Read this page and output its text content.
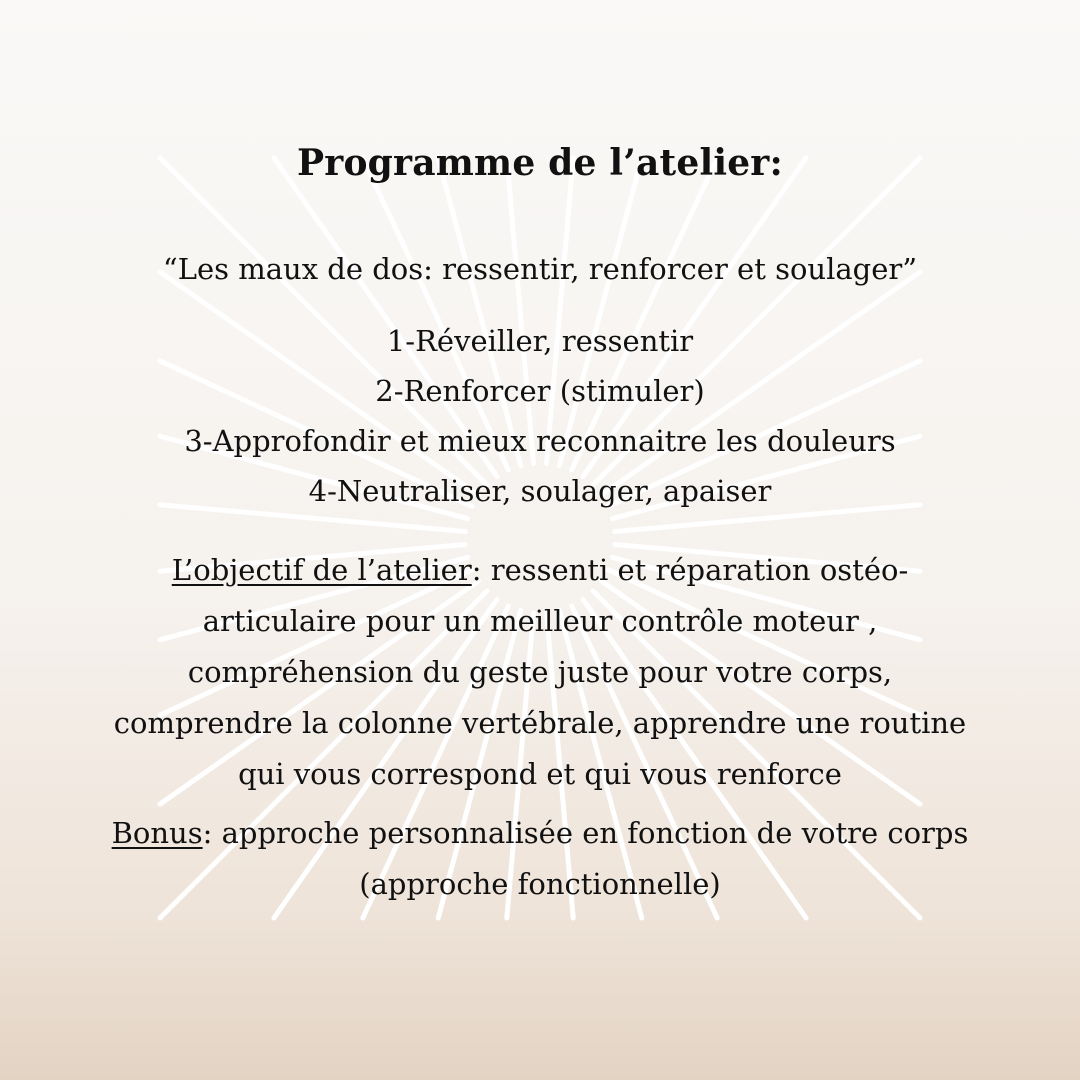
Programme de l’atelier:
“Les maux de dos: ressentir, renforcer et soulager”
1-Réveiller, ressentir
2-Renforcer (stimuler)
3-Approfondir et mieux reconnaitre les douleurs
4-Neutraliser, soulager, apaiser
L’objectif de l’atelier: ressenti et réparation ostéo-articulaire pour un meilleur contrôle moteur , compréhension du geste juste pour votre corps, comprendre la colonne vertébrale, apprendre une routine qui vous correspond et qui vous renforce
Bonus: approche personnalisée en fonction de votre corps
(approche fonctionnelle)
